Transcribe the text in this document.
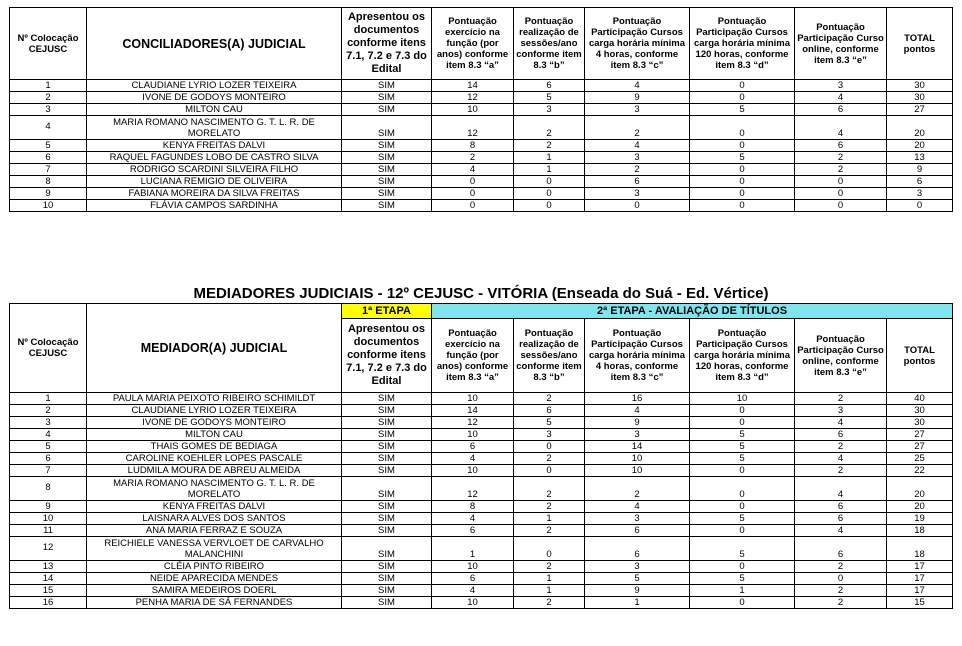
Nº Colocação CEJUSC	CONCILIADORES(A) JUDICIAL	Apresentou os documentos conforme itens 7.1, 7.2 e 7.3 do Edital	Pontuação exercício na função (por anos) conforme item 8.3 “a”	Pontuação realização de sessões/ano conforme item 8.3 “b”	Pontuação Participação Cursos carga horária mínima 4 horas, conforme item 8.3 “c”	Pontuação Participação Cursos carga horária mínima 120 horas, conforme item 8.3 “d”	Pontuação Participação Curso online, conforme item 8.3 “e”	TOTAL pontos
1	CLAUDIANE LYRIO LOZER TEIXEIRA	SIM	14	6	4	0	3	30
2	IVONE DE GODOYS MONTEIRO	SIM	12	5	9	0	4	30
3	MILTON CAU	SIM	10	3	3	5	6	27
4	MARIA ROMANO NASCIMENTO G. T. L. R. DE MORELATO	SIM	12	2	2	0	4	20
5	KENYA FREITAS DALVI	SIM	8	2	4	0	6	20
6	RAQUEL FAGUNDES LOBO DE CASTRO SILVA	SIM	2	1	3	5	2	13
7	RODRIGO SCARDINI SILVEIRA FILHO	SIM	4	1	2	0	2	9
8	LUCIANA REMIGIO DE OLIVEIRA	SIM	0	0	6	0	0	6
9	FABIANA MOREIRA DA SILVA FREITAS	SIM	0	0	3	0	0	3
10	FLÁVIA CAMPOS SARDINHA	SIM	0	0	0	0	0	0
MEDIADORES JUDICIAIS - 12º CEJUSC - VITÓRIA (Enseada do Suá - Ed. Vértice)
Nº Colocação CEJUSC	MEDIADOR(A) JUDICIAL	1ª ETAPA	2ª ETAPA - AVALIAÇÃO DE TÍTULOS					
		Apresentou os documentos conforme itens 7.1, 7.2 e 7.3 do Edital	Pontuação exercício na função (por anos) conforme item 8.3 “a”	Pontuação realização de sessões/ano conforme item 8.3 “b”	Pontuação Participação Cursos carga horária mínima 4 horas, conforme item 8.3 “c”	Pontuação Participação Cursos carga horária mínima 120 horas, conforme item 8.3 “d”	Pontuação Participação Curso online, conforme item 8.3 “e”	TOTAL pontos
1	PAULA MARIA PEIXOTO RIBEIRO SCHIMILDT	SIM	10	2	16	10	2	40
2	CLAUDIANE LYRIO LOZER TEIXEIRA	SIM	14	6	4	0	3	30
3	IVONE DE GODOYS MONTEIRO	SIM	12	5	9	0	4	30
4	MILTON CAU	SIM	10	3	3	5	6	27
5	THAIS GOMES DE BEDIAGA	SIM	6	0	14	5	2	27
6	CAROLINE KOEHLER LOPES PASCALE	SIM	4	2	10	5	4	25
7	LUDMILA MOURA DE ABREU ALMEIDA	SIM	10	0	10	0	2	22
8	MARIA ROMANO NASCIMENTO G. T. L. R. DE MORELATO	SIM	12	2	2	0	4	20
9	KENYA FREITAS DALVI	SIM	8	2	4	0	6	20
10	LAISNARA ALVES DOS SANTOS	SIM	4	1	3	5	6	19
11	ANA MARIA FERRAZ E SOUZA	SIM	6	2	6	0	4	18
12	REICHIELE VANESSA VERVLOET DE CARVALHO MALANCHINI	SIM	1	0	6	5	6	18
13	CLÉIA PINTO RIBEIRO	SIM	10	2	3	0	2	17
14	NEIDE APARECIDA MENDES	SIM	6	1	5	5	0	17
15	SAMIRA MEDEIROS DOERL	SIM	4	1	9	1	2	17
16	PENHA MARIA DE SÁ FERNANDES	SIM	10	2	1	0	2	15
